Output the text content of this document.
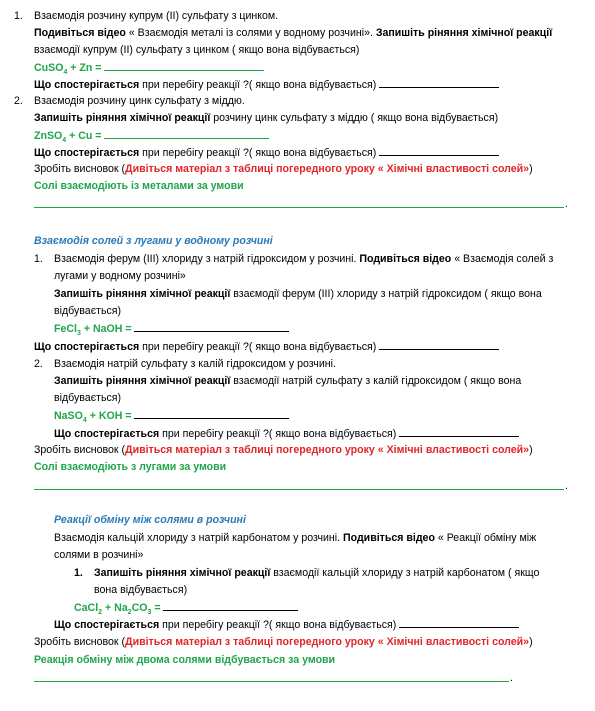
1. Взаємодія розчину купрум (ІІ) сульфату з цинком.
Подивіться відео « Взаємодія металі із солями у водному розчині». Запишіть ріняння хімічної реакції
взаємодії купрум (ІІ) сульфату з цинком ( якщо вона відбувається)
CuSO$_4$ + Zn =
Що спостерігається при перебігу реакції ?( якщо вона відбувається)
2. Взаємодія розчину цинк сульфату з міддю.
Запишіть ріняння хімічної реакції розчину цинк сульфату з міддю ( якщо вона відбувається)
ZnSO$_4$ + Cu =
Що спостерігається при перебігу реакції ?( якщо вона відбувається)
Зробіть висновок (Дивіться матеріал з таблиці погередного уроку « Хімічні властивості солей»)
Солі взаємодіють із металами за умови
.
Взаємодія солей з лугами у водному розчині
1. Взаємодія ферум (ІІІ) хлориду з натрій гідроксидом у розчині. Подивіться відео « Взаємодія солей з
лугами у водному розчині»
Запишіть ріняння хімічної реакції взаємодії ферум (ІІІ) хлориду з натрій гідроксидом ( якщо вона
відбувається)
FeCl$_3$ + NaOH =
Що спостерігається при перебігу реакції ?( якщо вона відбувається)
2. Взаємодія натрій сульфату з калій гідроксидом у розчині.
Запишіть ріняння хімічної реакції взаємодії натрій сульфату з калій гідроксидом ( якщо вона
відбувається)
NaSO$_4$ + KOH =
Що спостерігається при перебігу реакції ?( якщо вона відбувається)
Зробіть висновок (Дивіться матеріал з таблиці погередного уроку « Хімічні властивості солей»)
Солі взаємодіють з лугами за умови
.
Реакції обміну між солями в розчині
Взаємодія кальцій хлориду з натрій карбонатом у розчині. Подивіться відео « Реакції обміну між
солями в розчині»
1. Запишіть ріняння хімічної реакції взаємодії кальцій хлориду з натрій карбонатом ( якщо
вона відбувається)
CaCl$_2$ + $Na_2CO_3$ =
Що спостерігається при перебігу реакції ?( якщо вона відбувається)
Зробіть висновок (Дивіться матеріал з таблиці погередного уроку « Хімічні властивості солей»)
Реакція обміну між двома солями відбувається за умови
.
